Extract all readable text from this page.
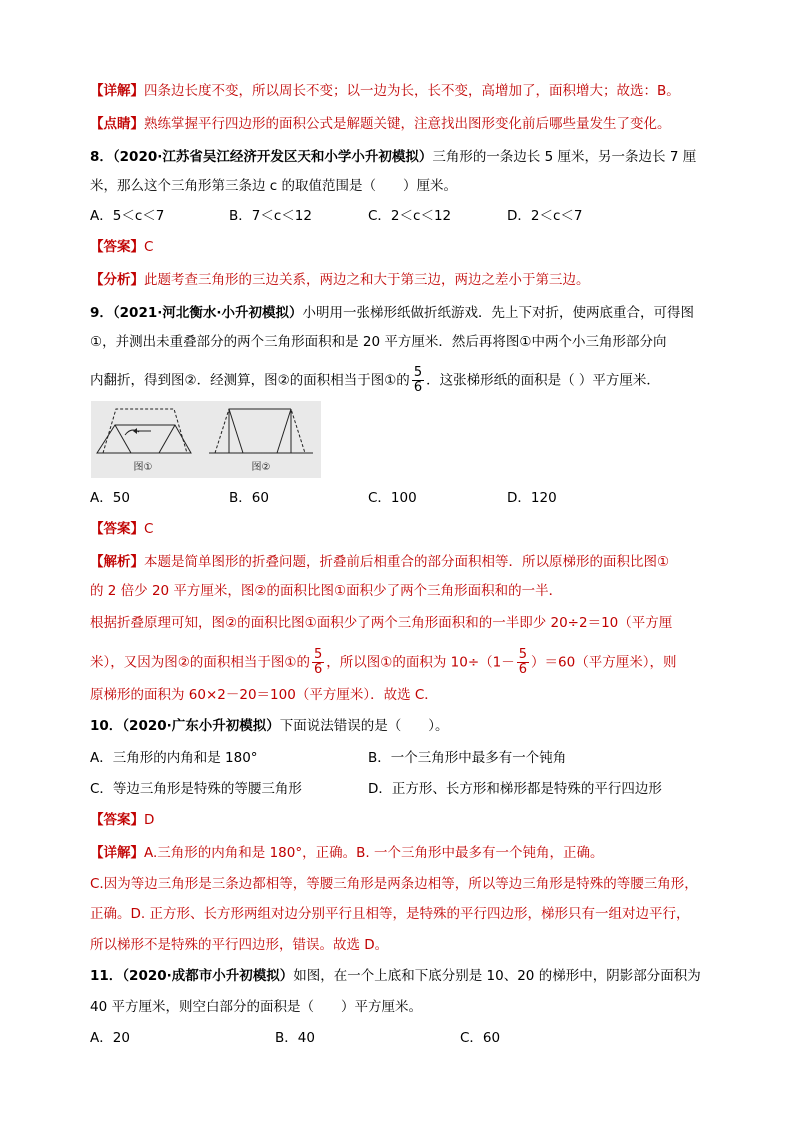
【详解】四条边长度不变，所以周长不变；以一边为长，长不变，高增加了，面积增大；故选：B。
【点睛】熟练掌握平行四边形的面积公式是解题关键，注意找出图形变化前后哪些量发生了变化。
8．（2020·江苏省吴江经济开发区天和小学小升初模拟）三角形的一条边长 5 厘米，另一条边长 7 厘
米，那么这个三角形第三条边 c 的取值范围是（　　）厘米。
A．5＜c＜7	B．7＜c＜12	C．2＜c＜12	D．2＜c＜7
【答案】C
【分析】此题考查三角形的三边关系，两边之和大于第三边，两边之差小于第三边。
9．（2021·河北衡水·小升初模拟）小明用一张梯形纸做折纸游戏．先上下对折，使两底重合，可得图
①，并测出未重叠部分的两个三角形面积和是 20 平方厘米．然后再将图①中两个小三角形部分向
内翻折，得到图②．经测算，图②的面积相当于图①的 $\frac{5}{6}$ ．这张梯形纸的面积是（ ）平方厘米．
图①	图②
A．50	B．60	C．100	D．120
【答案】C
【解析】本题是简单图形的折叠问题，折叠前后相重合的部分面积相等．所以原梯形的面积比图①
的 2 倍少 20 平方厘米，图②的面积比图①面积少了两个三角形面积和的一半．
根据折叠原理可知，图②的面积比图①面积少了两个三角形面积和的一半即少 20÷2＝10（平方厘
米），又因为图②的面积相当于图①的 $\frac{5}{6}$ ，所以图①的面积为 $10\div(1- \frac{5}{6} )=60$（平方厘米），则
原梯形的面积为 60×2－20＝100（平方厘米）．故选 C．
10．（2020·广东小升初模拟）下面说法错误的是（　　）。
A．三角形的内角和是 180°	B．一个三角形中最多有一个钝角
C．等边三角形是特殊的等腰三角形	D．正方形、长方形和梯形都是特殊的平行四边形
【答案】D
【详解】A.三角形的内角和是 180°，正确。B. 一个三角形中最多有一个钝角，正确。
C.因为等边三角形是三条边都相等，等腰三角形是两条边相等，所以等边三角形是特殊的等腰三角形，
正确。D. 正方形、长方形两组对边分别平行且相等，是特殊的平行四边形，梯形只有一组对边平行，
所以梯形不是特殊的平行四边形，错误。故选 D。
11．（2020·成都市小升初模拟）如图，在一个上底和下底分别是 10、20 的梯形中，阴影部分面积为
40 平方厘米，则空白部分的面积是（　　）平方厘米。
A．20	B．40	C．60
